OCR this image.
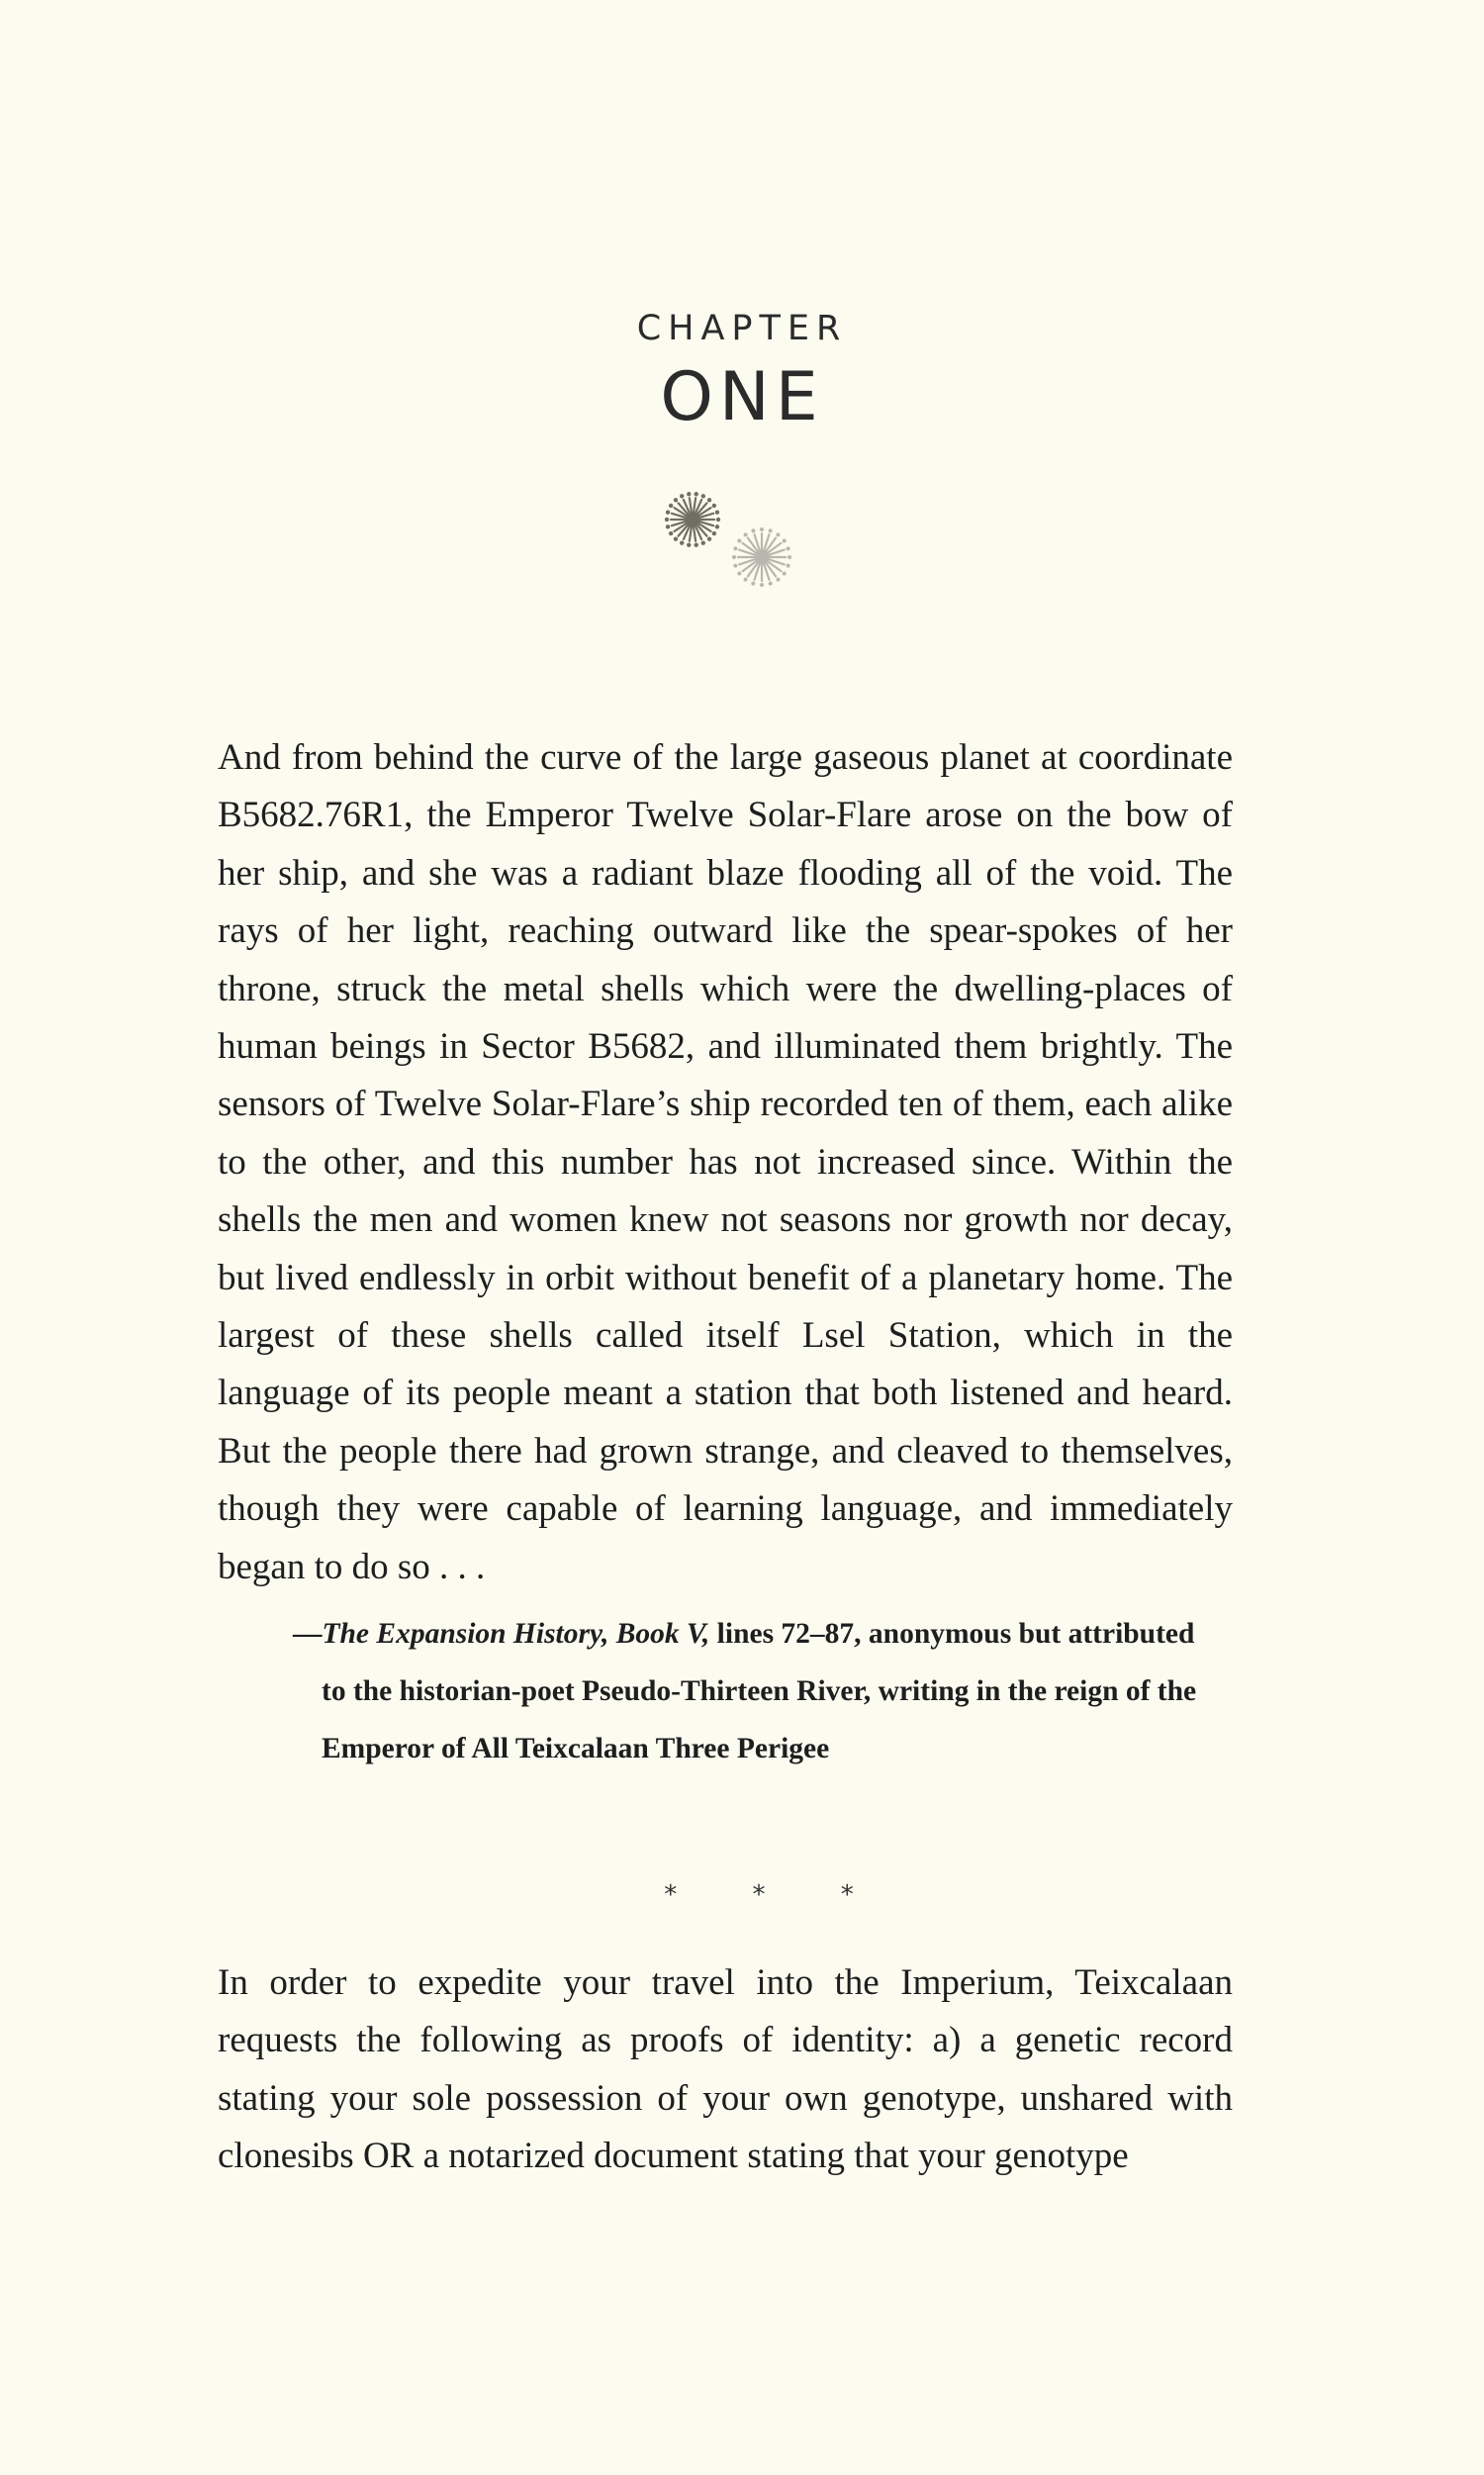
CHAPTER
ONE

And from behind the curve of the large gaseous planet at coordinate B5682.76R1, the Emperor Twelve Solar-Flare arose on the bow of her ship, and she was a radiant blaze flooding all of the void. The rays of her light, reaching outward like the spear-spokes of her throne, struck the metal shells which were the dwelling-places of human beings in Sector B5682, and illuminated them brightly. The sensors of Twelve Solar-Flare’s ship recorded ten of them, each alike to the other, and this number has not increased since. Within the shells the men and women knew not seasons nor growth nor decay, but lived endlessly in orbit without benefit of a planetary home. The largest of these shells called itself Lsel Station, which in the language of its people meant a station that both listened and heard. But the people there had grown strange, and cleaved to themselves, though they were capable of learning language, and immediately began to do so . . .

—The Expansion History, Book V, lines 72–87, anonymous but attributed to the historian-poet Pseudo-Thirteen River, writing in the reign of the Emperor of All Teixcalaan Three Perigee

* * *

In order to expedite your travel into the Imperium, Teixcalaan requests the following as proofs of identity: a) a genetic record stating your sole possession of your own genotype, unshared with clonesibs OR a notarized document stating that your genotype
